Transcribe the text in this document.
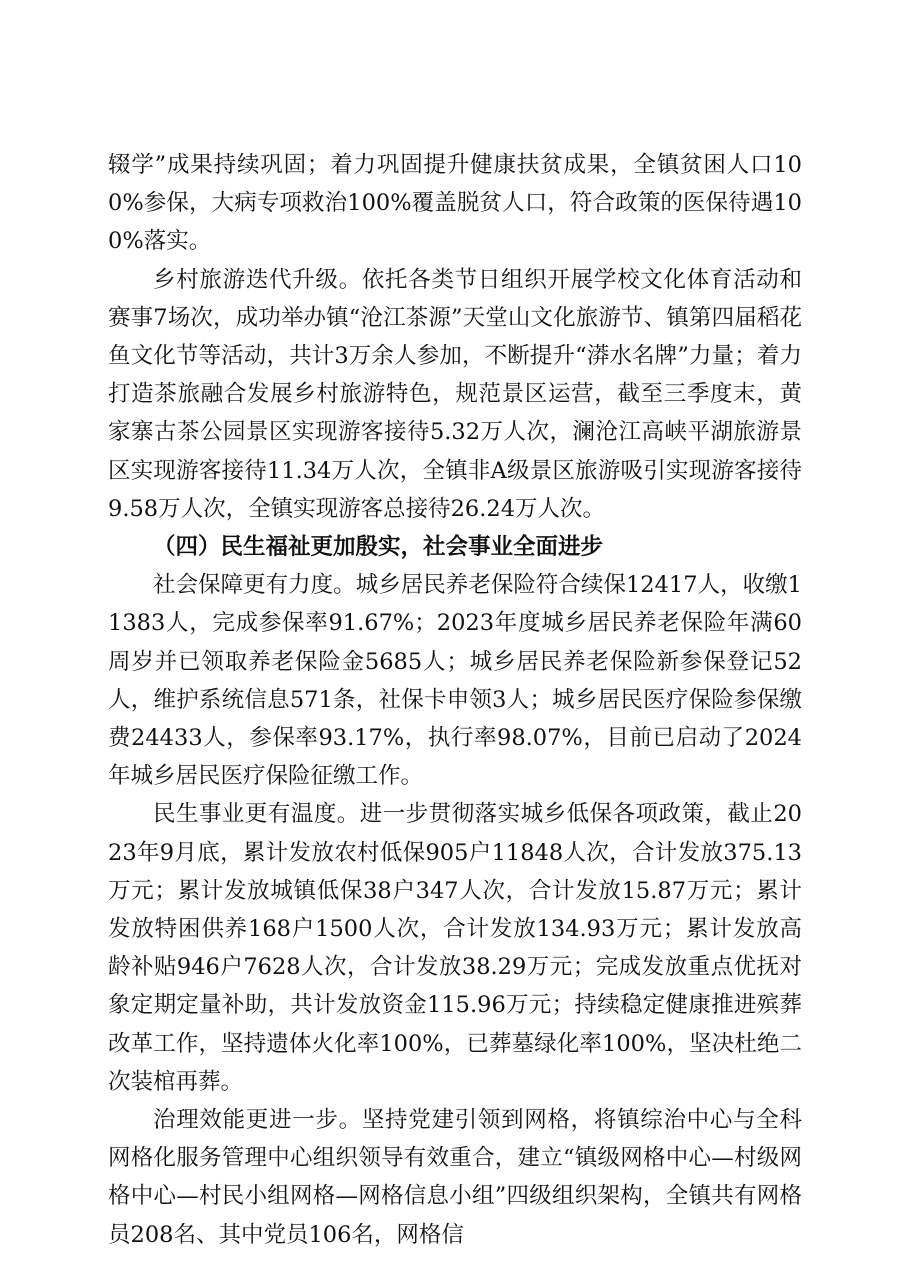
辍学”成果持续巩固；着力巩固提升健康扶贫成果，全镇贫困人口100%参保，大病专项救治100%覆盖脱贫人口，符合政策的医保待遇100%落实。

乡村旅游迭代升级。依托各类节日组织开展学校文化体育活动和赛事7场次，成功举办镇“沧江茶源”天堂山文化旅游节、镇第四届稻花鱼文化节等活动，共计3万余人参加，不断提升“漭水名牌”力量；着力打造茶旅融合发展乡村旅游特色，规范景区运营，截至三季度末，黄家寨古茶公园景区实现游客接待5.32万人次，澜沧江高峡平湖旅游景区实现游客接待11.34万人次，全镇非A级景区旅游吸引实现游客接待9.58万人次，全镇实现游客总接待26.24万人次。

（四）民生福祉更加殷实，社会事业全面进步

社会保障更有力度。城乡居民养老保险符合续保12417人，收缴11383人，完成参保率91.67%；2023年度城乡居民养老保险年满60周岁并已领取养老保险金5685人；城乡居民养老保险新参保登记52人，维护系统信息571条，社保卡申领3人；城乡居民医疗保险参保缴费24433人，参保率93.17%，执行率98.07%，目前已启动了2024年城乡居民医疗保险征缴工作。

民生事业更有温度。进一步贯彻落实城乡低保各项政策，截止2023年9月底，累计发放农村低保905户11848人次，合计发放375.13万元；累计发放城镇低保38户347人次，合计发放15.87万元；累计发放特困供养168户1500人次，合计发放134.93万元；累计发放高龄补贴946户7628人次，合计发放38.29万元；完成发放重点优抚对象定期定量补助，共计发放资金115.96万元；持续稳定健康推进殡葬改革工作，坚持遗体火化率100%，已葬墓绿化率100%，坚决杜绝二次装棺再葬。

治理效能更进一步。坚持党建引领到网格，将镇综治中心与全科网格化服务管理中心组织领导有效重合，建立“镇级网格中心—村级网格中心—村民小组网格—网格信息小组”四级组织架构，全镇共有网格员208名、其中党员106名，网格信
